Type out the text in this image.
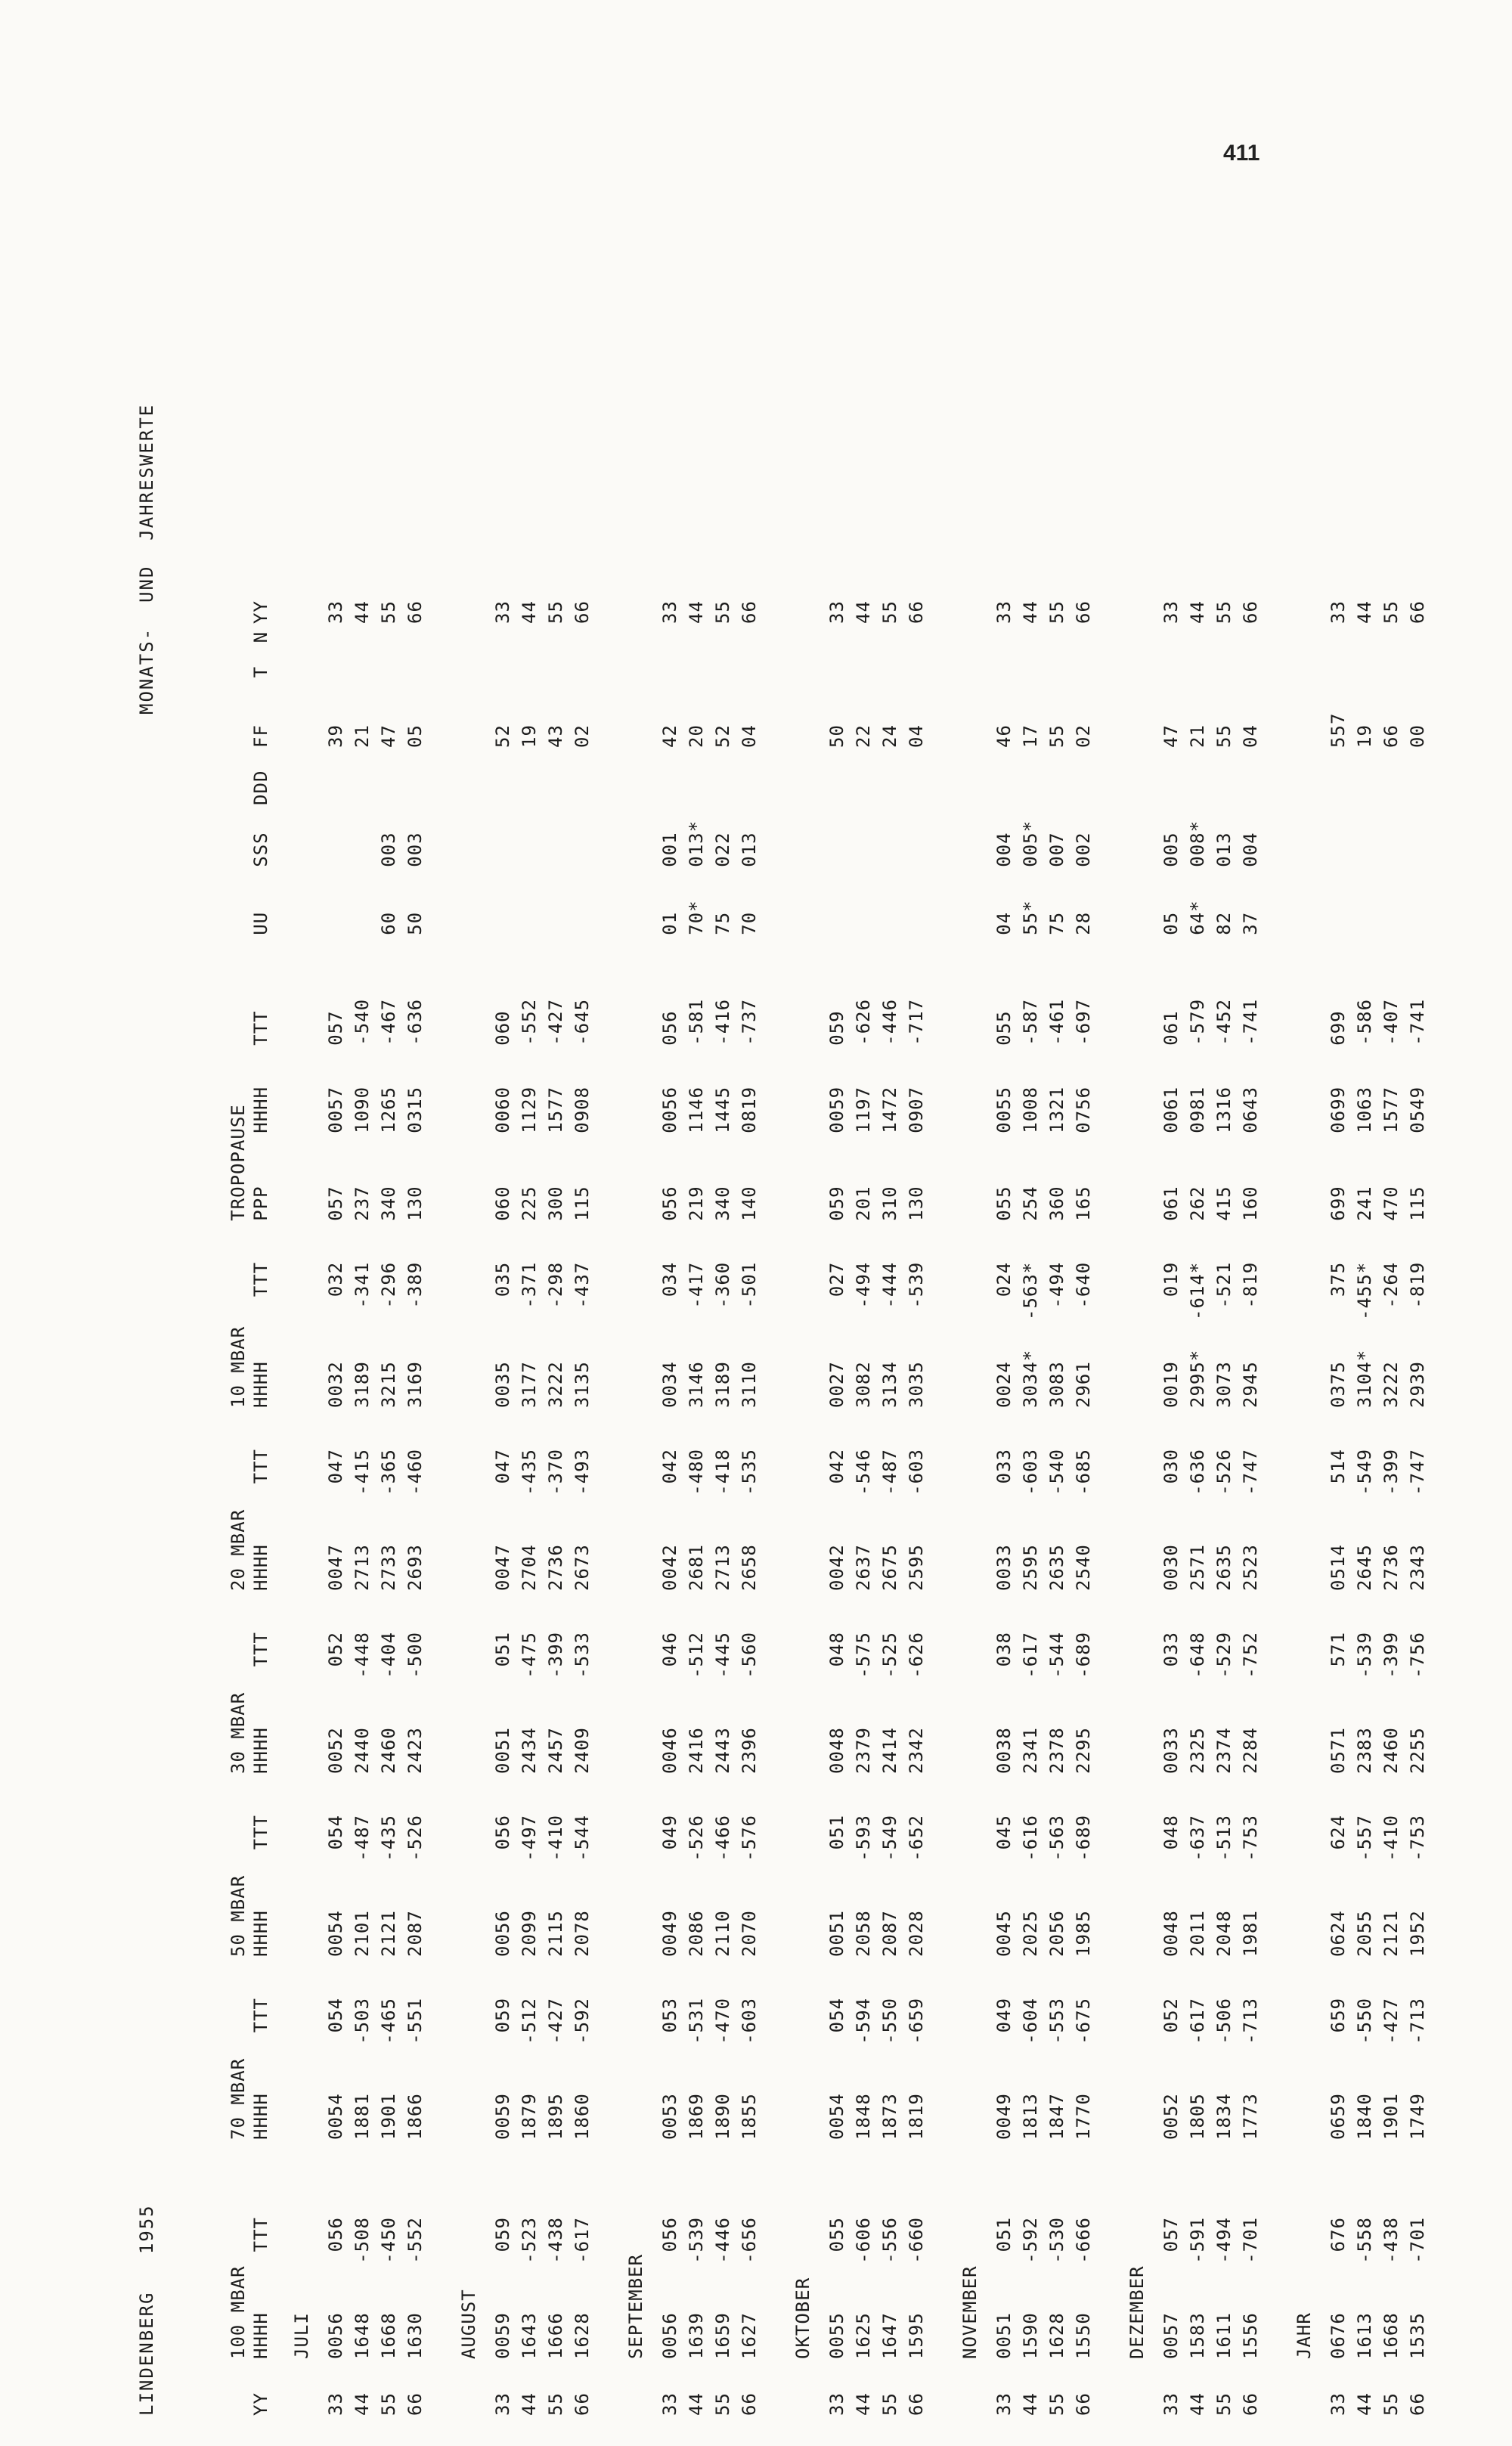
411
LINDENBERG   1955
MONATS-  UND  JAHRESWERTE
	100 MBAR			70 MBAR		50 MBAR		30 MBAR		20 MBAR		10 MBAR		TROPOPAUSE									
YY	HHHH	TTT		HHHH	TTT	HHHH	TTT	HHHH	TTT	HHHH	TTT	HHHH	TTT	PPP	HHHH	TTT	UU	SSS	DDD	FF	T	N	YY
	JULI																						
33	0056	056		0054	054	0054	054	0052	052	0047	047	0032	032	057	0057	057				39			33
44	1648	-508		1881	-503	2101	-487	2440	-448	2713	-415	3189	-341	237	1090	-540				21			44
55	1668	-450		1901	-465	2121	-435	2460	-404	2733	-365	3215	-296	340	1265	-467	60	003		47			55
66	1630	-552		1866	-551	2087	-526	2423	-500	2693	-460	3169	-389	130	0315	-636	50	003		05			66
	AUGUST																						
33	0059	059		0059	059	0056	056	0051	051	0047	047	0035	035	060	0060	060				52			33
44	1643	-523		1879	-512	2099	-497	2434	-475	2704	-435	3177	-371	225	1129	-552				19			44
55	1666	-438		1895	-427	2115	-410	2457	-399	2736	-370	3222	-298	300	1577	-427				43			55
66	1628	-617		1860	-592	2078	-544	2409	-533	2673	-493	3135	-437	115	0908	-645				02			66
	SEPTEMBER																						
33	0056	056		0053	053	0049	049	0046	046	0042	042	0034	034	056	0056	056	01	001		42			33
44	1639	-539		1869	-531	2086	-526	2416	-512	2681	-480	3146	-417	219	1146	-581	70*	013*		20			44
55	1659	-446		1890	-470	2110	-466	2443	-445	2713	-418	3189	-360	340	1445	-416	75	022		52			55
66	1627	-656		1855	-603	2070	-576	2396	-560	2658	-535	3110	-501	140	0819	-737	70	013		04			66
	OKTOBER																						
33	0055	055		0054	054	0051	051	0048	048	0042	042	0027	027	059	0059	059				50			33
44	1625	-606		1848	-594	2058	-593	2379	-575	2637	-546	3082	-494	201	1197	-626				22			44
55	1647	-556		1873	-550	2087	-549	2414	-525	2675	-487	3134	-444	310	1472	-446				24			55
66	1595	-660		1819	-659	2028	-652	2342	-626	2595	-603	3035	-539	130	0907	-717				04			66
	NOVEMBER																						
33	0051	051		0049	049	0045	045	0038	038	0033	033	0024	024	055	0055	055	04	004		46			33
44	1590	-592		1813	-604	2025	-616	2341	-617	2595	-603	3034*	-563*	254	1008	-587	55*	005*		17			44
55	1628	-530		1847	-553	2056	-563	2378	-544	2635	-540	3083	-494	360	1321	-461	75	007		55			55
66	1550	-666		1770	-675	1985	-689	2295	-689	2540	-685	2961	-640	165	0756	-697	28	002		02			66
	DEZEMBER																						
33	0057	057		0052	052	0048	048	0033	033	0030	030	0019	019	061	0061	061	05	005		47			33
44	1583	-591		1805	-617	2011	-637	2325	-648	2571	-636	2995*	-614*	262	0981	-579	64*	008*		21			44
55	1611	-494		1834	-506	2048	-513	2374	-529	2635	-526	3073	-521	415	1316	-452	82	013		55			55
66	1556	-701		1773	-713	1981	-753	2284	-752	2523	-747	2945	-819	160	0643	-741	37	004		04			66
	JAHR																						
33	0676	676		0659	659	0624	624	0571	571	0514	514	0375	375	699	0699	699				557			33
44	1613	-558		1840	-550	2055	-557	2383	-539	2645	-549	3104*	-455*	241	1063	-586				19			44
55	1668	-438		1901	-427	2121	-410	2460	-399	2736	-399	3222	-264	470	1577	-407				66			55
66	1535	-701		1749	-713	1952	-753	2255	-756	2343	-747	2939	-819	115	0549	-741				00			66
